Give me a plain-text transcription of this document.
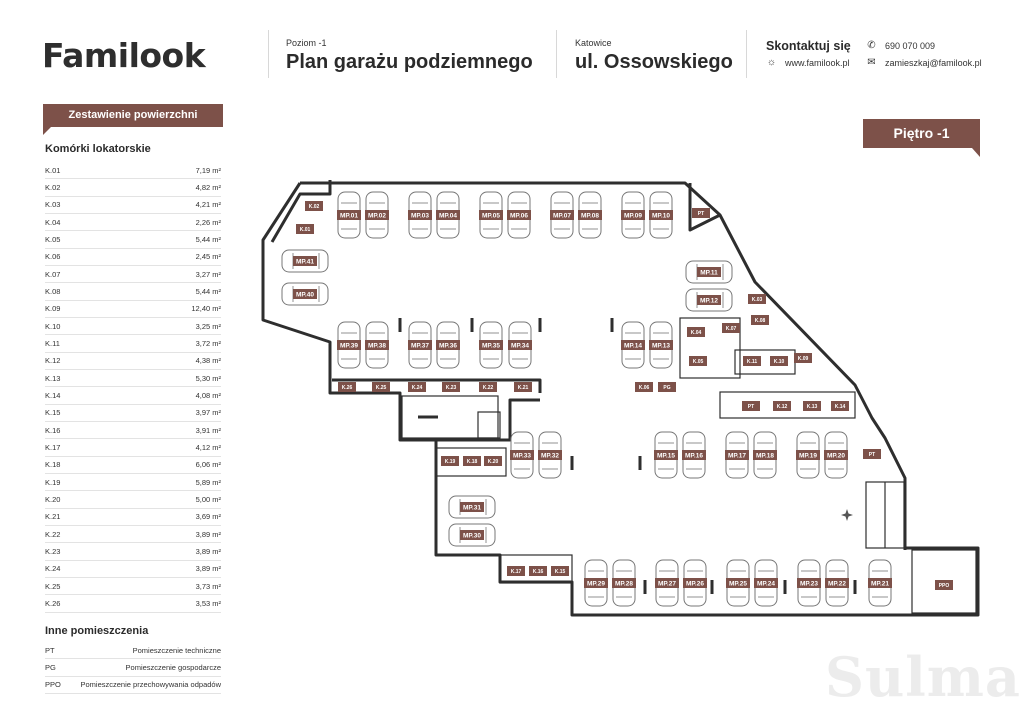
Familook	Poziom -1
Plan garażu podziemnego
Katowice
ul. Ossowskiego
Skontaktuj się ✆ 690 070 009
☼ www.familook.pl ✉ zamieszkaj@familook.pl
Zestawienie powierzchni
Komórki lokatorskie
K.01	7,19 m²
K.02	4,82 m²
K.03	4,21 m²
K.04	2,26 m²
K.05	5,44 m²
K.06	2,45 m²
K.07	3,27 m²
K.08	5,44 m²
K.09	12,40 m²
K.10	3,25 m²
K.11	3,72 m²
K.12	4,38 m²
K.13	5,30 m²
K.14	4,08 m²
K.15	3,97 m²
K.16	3,91 m²
K.17	4,12 m²
K.18	6,06 m²
K.19	5,89 m²
K.20	5,00 m²
K.21	3,69 m²
K.22	3,89 m²
K.23	3,89 m²
K.24	3,89 m²
K.25	3,73 m²
K.26	3,53 m²
Inne pomieszczenia
PT	Pomieszczenie techniczne
PG	Pomieszczenie gospodarcze
PPO	Pomieszczenie przechowywania odpadów
Piętro -1
MP.01 MP.02	MP.03 MP.04	MP.05 MP.06	MP.07 MP.08	MP.09 MP.10
MP.11
MP.12
MP.13
MP.14
MP.15 MP.16	MP.17 MP.18	MP.19 MP.20
MP.21
MP.22
MP.23
MP.24
MP.25
MP.26
MP.27
MP.28
MP.29
MP.30
MP.31
MP.32
MP.33
MP.34
MP.35
MP.36
MP.37
MP.38
MP.39
MP.40
MP.41
K.01
K.02
K.03
K.04
K.05
K.06
K.07
K.08
K.09
K.10
K.11
K.12	K.13	K.14
K.15
K.16
K.17
K.18
K.19	K.20
K.21
K.22
K.23
K.24
K.25
K.26
PT
PG
PPO
PT
PT
Sulma
